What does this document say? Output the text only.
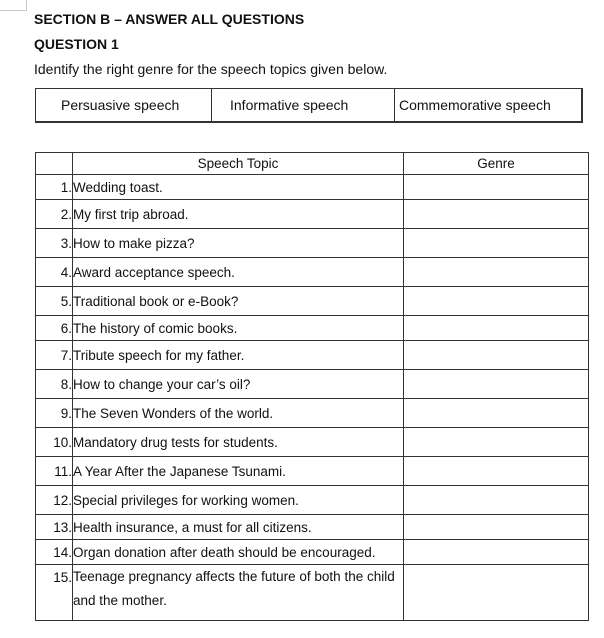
SECTION B – ANSWER ALL QUESTIONS
QUESTION 1
Identify the right genre for the speech topics given below.
Persuasive speech	Informative speech	Commemorative speech
	Speech Topic	Genre
1.	Wedding toast.	
2.	My first trip abroad.	
3.	How to make pizza?	
4.	Award acceptance speech.	
5.	Traditional book or e-Book?	
6.	The history of comic books.	
7.	Tribute speech for my father.	
8.	How to change your car’s oil?	
9.	The Seven Wonders of the world.	
10.	Mandatory drug tests for students.	
11.	A Year After the Japanese Tsunami.	
12.	Special privileges for working women.	
13.	Health insurance, a must for all citizens.	
14.	Organ donation after death should be encouraged.	
15.	Teenage pregnancy affects the future of both the child and the mother.	
